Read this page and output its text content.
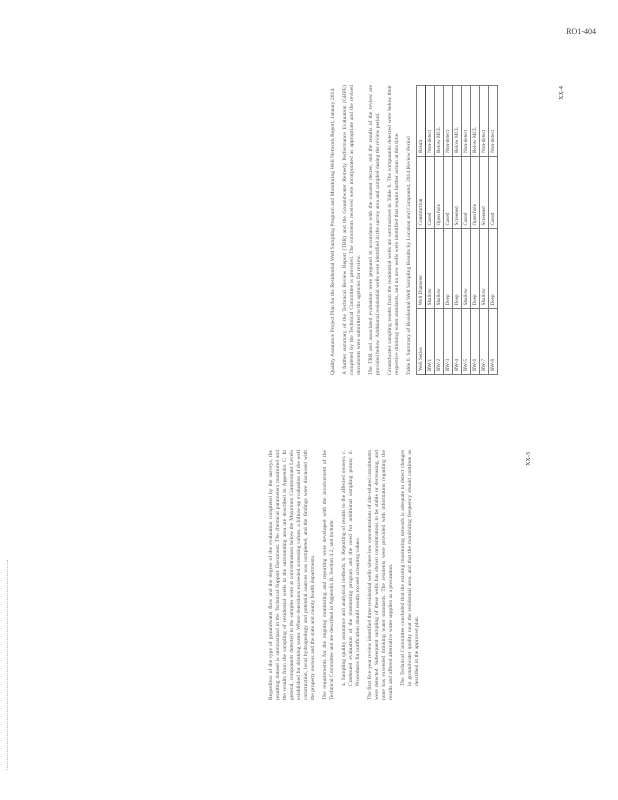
RO1-404

Regardless of the type of groundwater flow and the degree of the evaluation completed by the surveys, the resulting dataset is summarized in the Technical Support Document. The chemical parameters monitored and the results from the sampling of residential wells in the surrounding area are described in Appendix C. In general, compounds detected in the samples were at concentrations below the Maximum Contaminant Levels established for drinking water. Where detections exceeded screening values, a follow-up evaluation of the well construction, local hydrogeology and potential sources was completed, and the findings were discussed with the property owners and the state and county health departments. The requirements for the ongoing monitoring and reporting were developed with the involvement of the Technical Committee and are described in Appendix B, Section 3.2, and include: a. Sampling quality assurance and analytical methods; b. Reporting of results to the affected owners; c. Continued evaluation of the monitoring program and the need for additional sampling points; d. Procedures for notification should results exceed screening values. The first five-year review identified three residential wells where low concentrations of site-related constituents were detected. Subsequent sampling of these wells has shown concentrations to be stable or decreasing, and none has exceeded drinking water standards. The residents were provided with information regarding the results and offered alternative water supplies as a precaution. The Technical Committee concluded that the existing monitoring network is adequate to detect changes in groundwater quality near the residential area, and that the monitoring frequency should continue as described in the approved plan.

XX-3

Quality Assurance Project Plan for the Residential Well Sampling Program and Monitoring Well Network Report, January 2014. A further summary of the Technical Review Report (TRR) and the Groundwater Remedy Performance Evaluation (GRPE) completed by the Technical Committee is provided. The comments received were incorporated as appropriate and the revised documents were submitted to the agencies for review. The TRR and associated evaluation were prepared in accordance with the consent decree, and the results of the review are provided below. Additional residential wells were identified in the survey area and sampled during the review period. Groundwater sampling results from the residential wells are summarized in Table 6. The compounds detected were below their respective drinking water standards, and no new wells were identified that require further action at this time. Table 6. Summary of Residential Well Sampling Results by Location and Compound, 2014 Review Period Well Series	Well Diameter	Construction	Result
RW-1	Shallow	Cased	Non-detect
RW-2	Shallow	Open hole	Below MCL
RW-3	Deep	Cased	Non-detect
RW-4	Deep	Screened	Below MCL
RW-5	Shallow	Cased	Non-detect
RW-6	Deep	Open hole	Below MCL
RW-7	Shallow	Screened	Non-detect
RW-8	Deep	Cased	Non-detect
XX-4
